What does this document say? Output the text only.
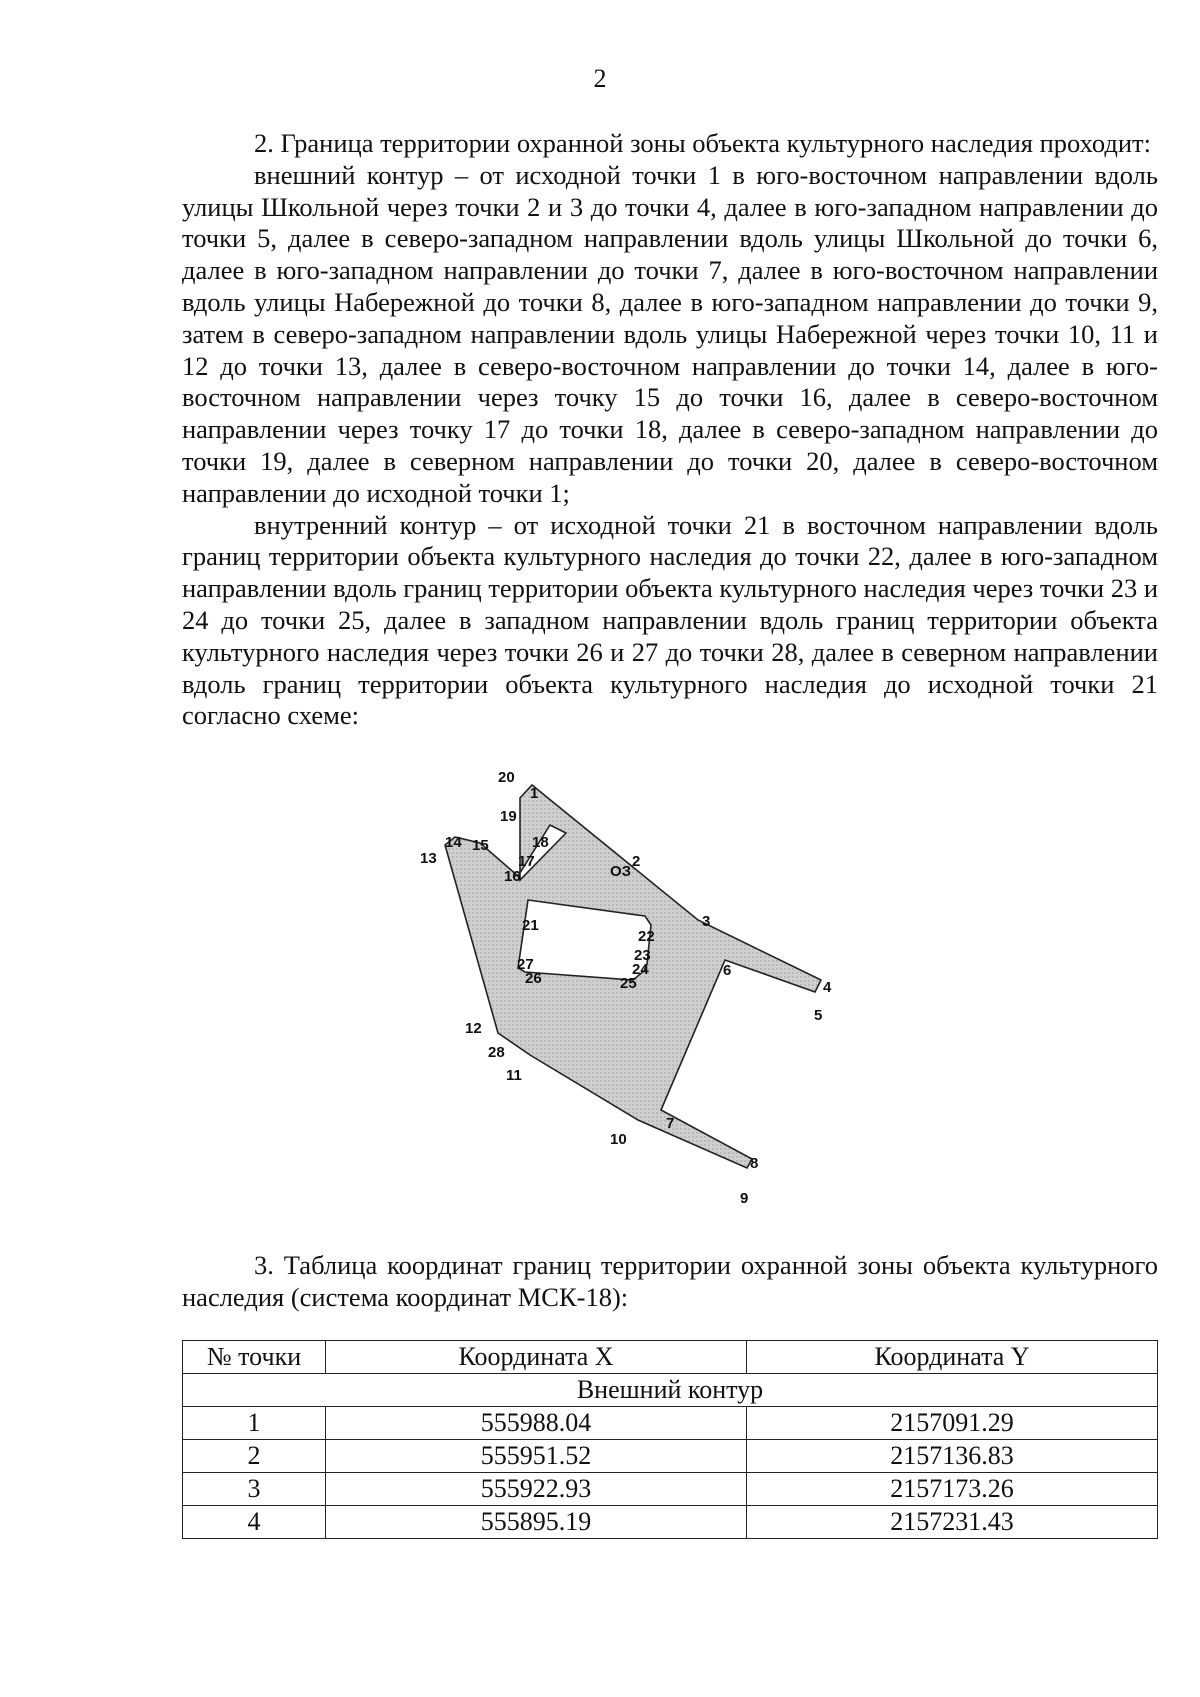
2

2. Граница территории охранной зоны объекта культурного наследия проходит:

внешний контур – от исходной точки 1 в юго-восточном направлении вдоль улицы Школьной через точки 2 и 3 до точки 4, далее в юго-западном направлении до точки 5, далее в северо-западном направлении вдоль улицы Школьной до точки 6, далее в юго-западном направлении до точки 7, далее в юго-восточном направлении вдоль улицы Набережной до точки 8, далее в юго-западном направлении до точки 9, затем в северо-западном направлении вдоль улицы Набережной через точки 10, 11 и 12 до точки 13, далее в северо-восточном направлении до точки 14, далее в юго-восточном направлении через точку 15 до точки 16, далее в северо-восточном направлении через точку 17 до точки 18, далее в северо-западном направлении до точки 19, далее в северном направлении до точки 20, далее в северо-восточном направлении до исходной точки 1;

внутренний контур – от исходной точки 21 в восточном направлении вдоль границ территории объекта культурного наследия до точки 22, далее в юго-западном направлении вдоль границ территории объекта культурного наследия через точки 23 и 24 до точки 25, далее в западном направлении вдоль границ территории объекта культурного наследия через точки 26 и 27 до точки 28, далее в северном направлении вдоль границ территории объекта культурного наследия до исходной точки 21 согласно схеме:

ОЗ
1
2
3
4
5
6
7
8
9
10
11
12
13
14 15
16
17
18
19
20
21
22
23
24
25
26
27
28

3. Таблица координат границ территории охранной зоны объекта культурного наследия (система координат МСК-18):

№ точки	Координата X	Координата Y
Внешний контур		
1	555988.04	2157091.29
2	555951.52	2157136.83
3	555922.93	2157173.26
4	555895.19	2157231.43
